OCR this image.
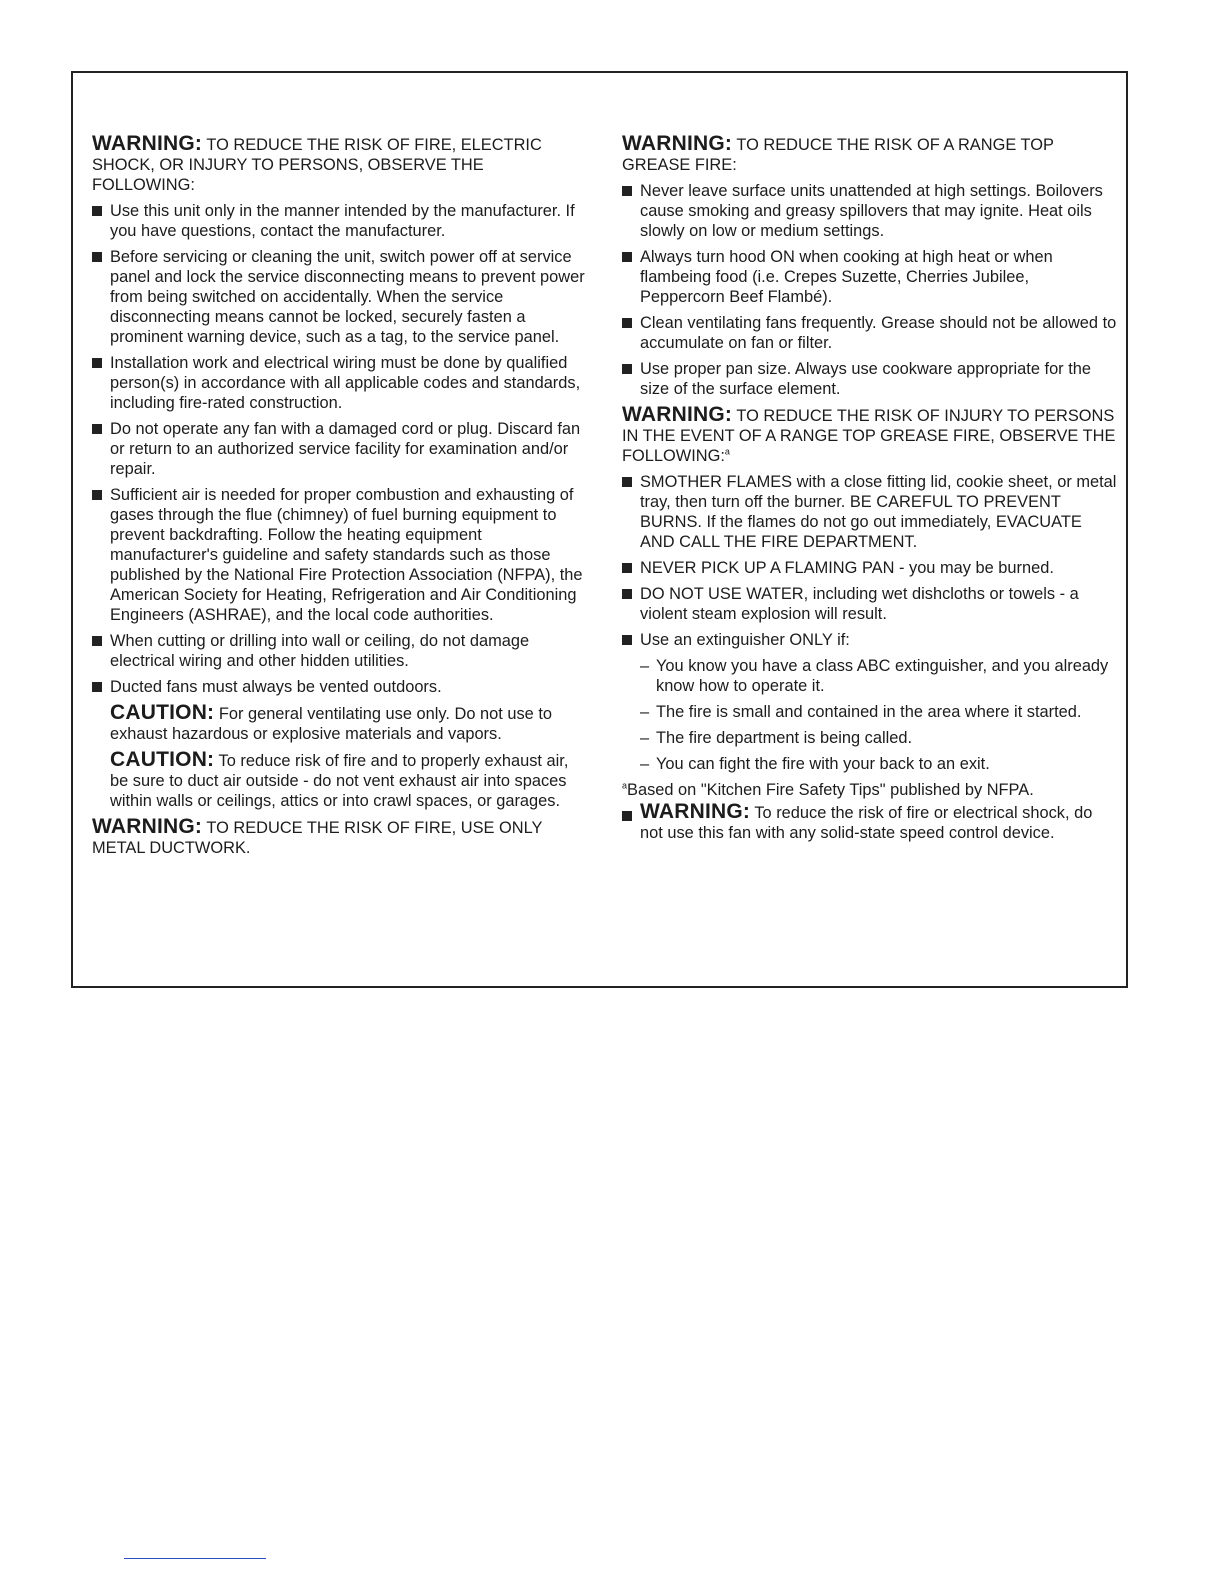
WARNING: TO REDUCE THE RISK OF FIRE, ELECTRIC SHOCK, OR INJURY TO PERSONS, OBSERVE THE FOLLOWING:
Use this unit only in the manner intended by the manufacturer. If you have questions, contact the manufacturer.
Before servicing or cleaning the unit, switch power off at service panel and lock the service disconnecting means to prevent power from being switched on accidentally. When the service disconnecting means cannot be locked, securely fasten a prominent warning device, such as a tag, to the service panel.
Installation work and electrical wiring must be done by qualified person(s) in accordance with all applicable codes and standards, including fire-rated construction.
Do not operate any fan with a damaged cord or plug. Discard fan or return to an authorized service facility for examination and/or repair.
Sufficient air is needed for proper combustion and exhausting of gases through the flue (chimney) of fuel burning equipment to prevent backdrafting. Follow the heating equipment manufacturer's guideline and safety standards such as those published by the National Fire Protection Association (NFPA), the American Society for Heating, Refrigeration and Air Conditioning Engineers (ASHRAE), and the local code authorities.
When cutting or drilling into wall or ceiling, do not damage electrical wiring and other hidden utilities.
Ducted fans must always be vented outdoors.
CAUTION: For general ventilating use only. Do not use to exhaust hazardous or explosive materials and vapors.
CAUTION: To reduce risk of fire and to properly exhaust air, be sure to duct air outside - do not vent exhaust air into spaces within walls or ceilings, attics or into crawl spaces, or garages.
WARNING: TO REDUCE THE RISK OF FIRE, USE ONLY METAL DUCTWORK.
WARNING: TO REDUCE THE RISK OF A RANGE TOP GREASE FIRE:
Never leave surface units unattended at high settings. Boilovers cause smoking and greasy spillovers that may ignite. Heat oils slowly on low or medium settings.
Always turn hood ON when cooking at high heat or when flambeing food (i.e. Crepes Suzette, Cherries Jubilee, Peppercorn Beef Flambé).
Clean ventilating fans frequently. Grease should not be allowed to accumulate on fan or filter.
Use proper pan size. Always use cookware appropriate for the size of the surface element.
WARNING: TO REDUCE THE RISK OF INJURY TO PERSONS IN THE EVENT OF A RANGE TOP GREASE FIRE, OBSERVE THE FOLLOWING:$^a$
SMOTHER FLAMES with a close fitting lid, cookie sheet, or metal tray, then turn off the burner. BE CAREFUL TO PREVENT BURNS. If the flames do not go out immediately, EVACUATE AND CALL THE FIRE DEPARTMENT.
NEVER PICK UP A FLAMING PAN - you may be burned.
DO NOT USE WATER, including wet dishcloths or towels - a violent steam explosion will result.
Use an extinguisher ONLY if:
– You know you have a class ABC extinguisher, and you already know how to operate it.
– The fire is small and contained in the area where it started.
– The fire department is being called.
– You can fight the fire with your back to an exit.
$^a$Based on "Kitchen Fire Safety Tips" published by NFPA.
WARNING: To reduce the risk of fire or electrical shock, do not use this fan with any solid-state speed control device.
